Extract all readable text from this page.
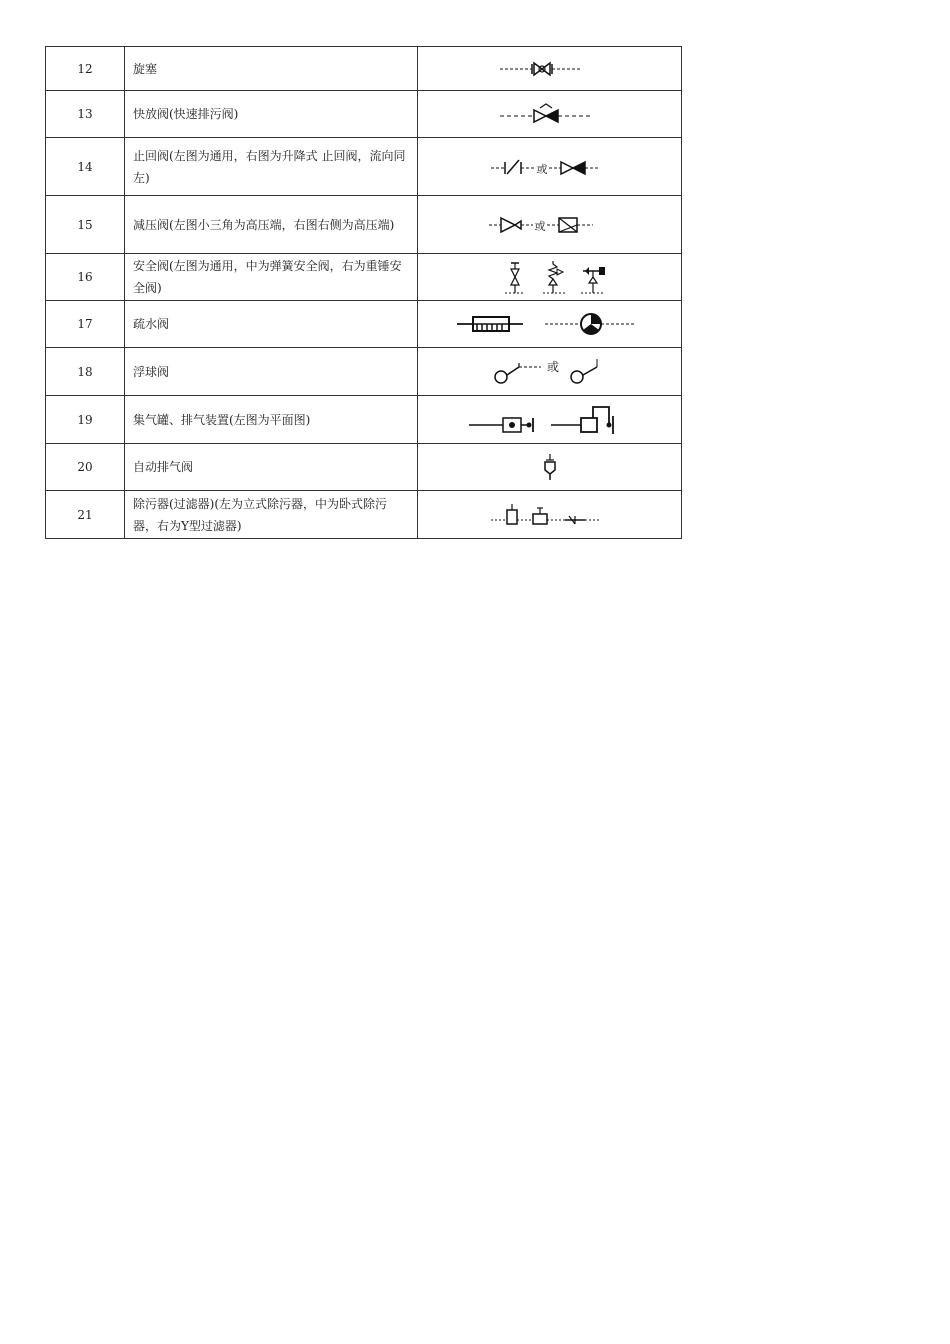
12	旋塞	

13	快放阀(快速排污阀)	

14	止回阀(左图为通用，右图为升降式 止回阀，流向同左)	或

15	减压阀(左图小三角为高压端，右图右侧为高压端)	或

16	安全阀(左图为通用，中为弹簧安全阀，右为重锤安全阀)	

17	疏水阀	

18	浮球阀	或

19	集气罐、排气装置(左图为平面图)	

20	自动排气阀	

21	除污器(过滤器)(左为立式除污器，中为卧式除污器，右为Y型过滤器)	
